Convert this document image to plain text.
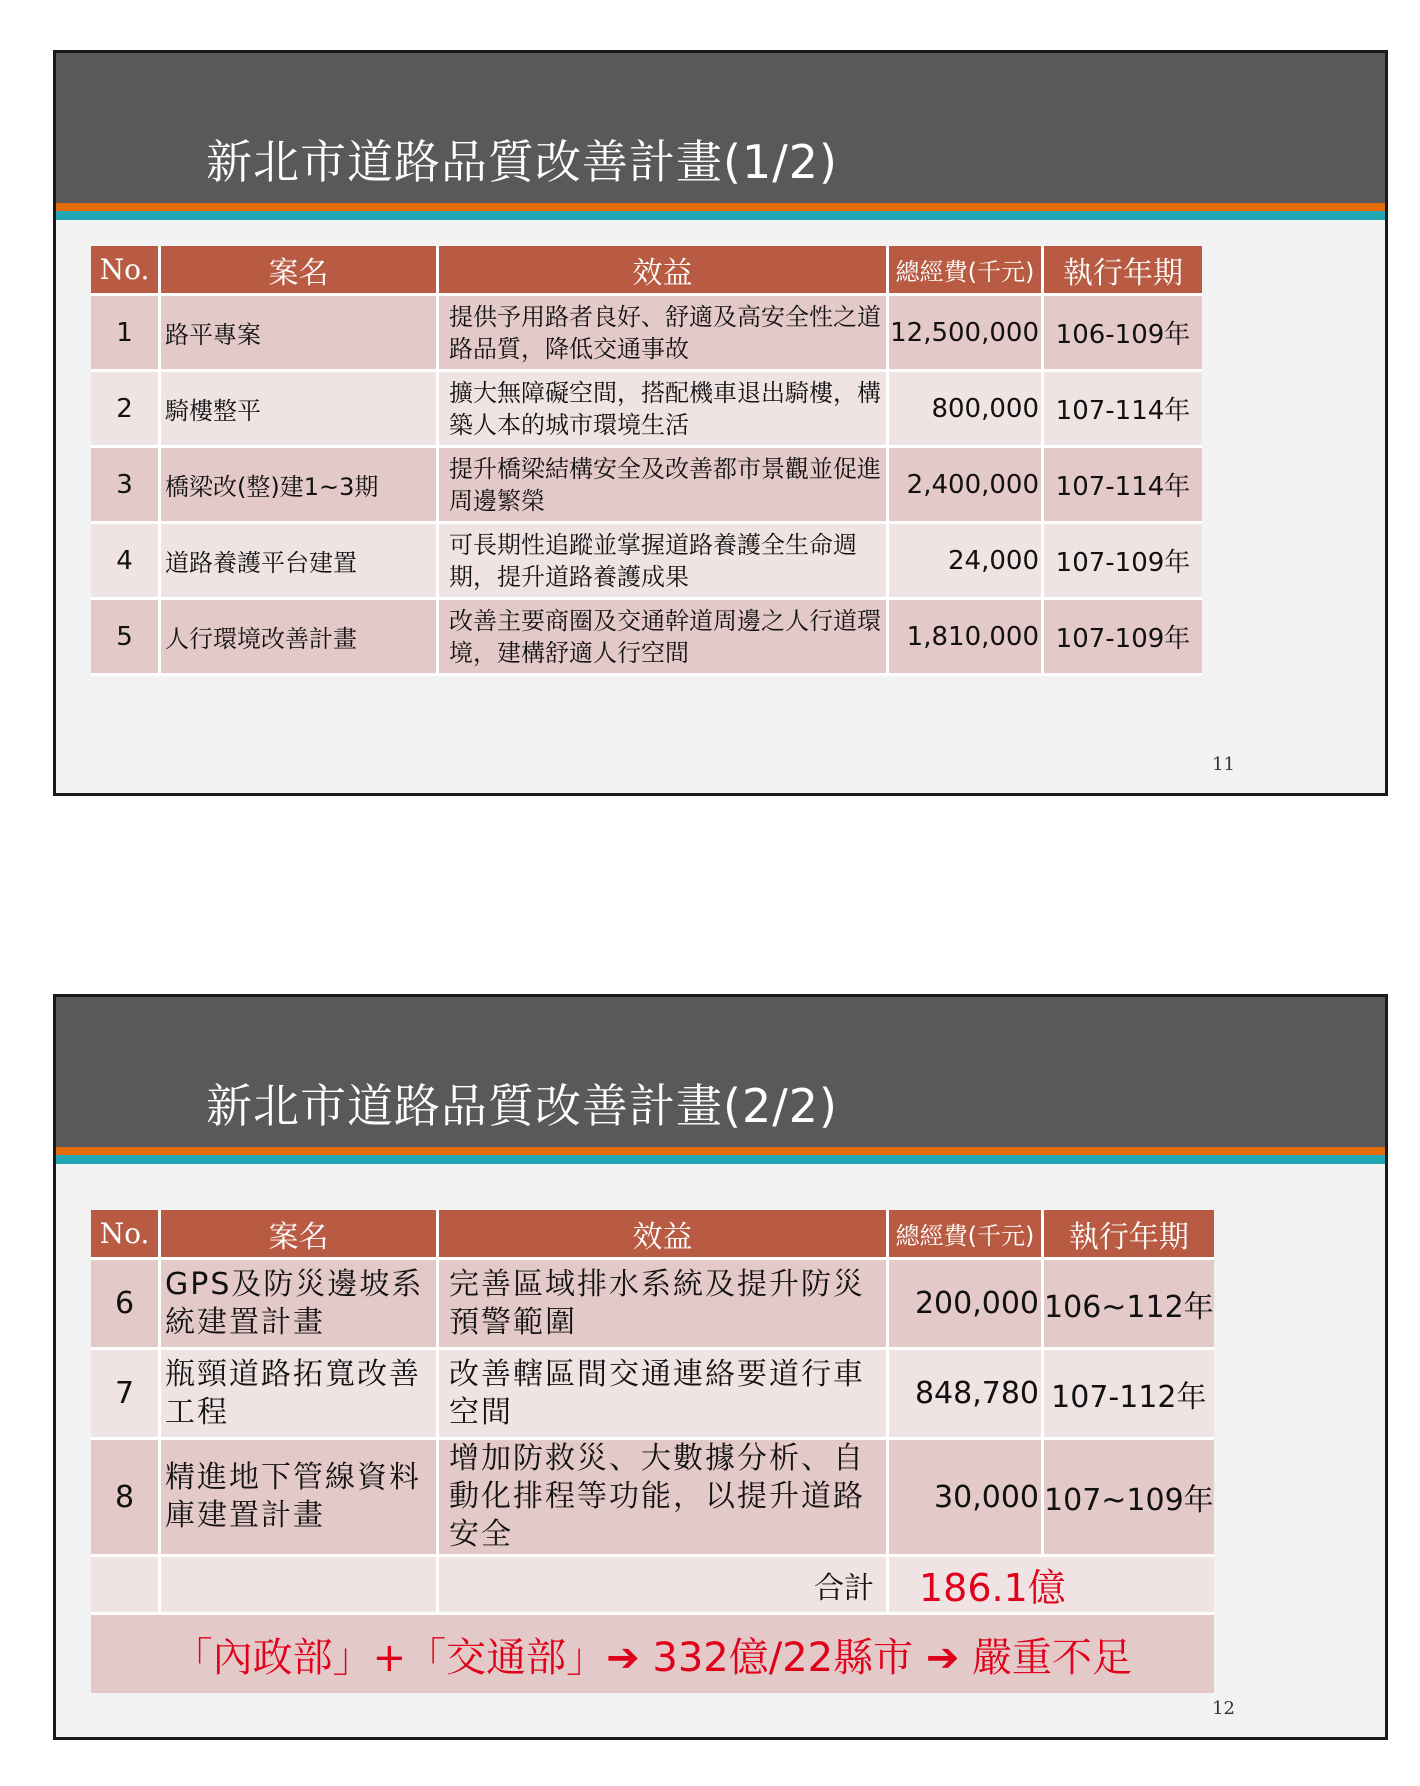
新北市道路品質改善計畫(1/2)
No.	案名	效益	總經費(千元)	執行年期
1	路平專案	提供予用路者良好、舒適及高安全性之道路品質，降低交通事故	12,500,000	106-109年
2	騎樓整平	擴大無障礙空間，搭配機車退出騎樓，構築人本的城市環境生活	800,000	107-114年
3	橋梁改(整)建1~3期	提升橋梁結構安全及改善都市景觀並促進周邊繁榮	2,400,000	107-114年
4	道路養護平台建置	可長期性追蹤並掌握道路養護全生命週期，提升道路養護成果	24,000	107-109年
5	人行環境改善計畫	改善主要商圈及交通幹道周邊之人行道環境，建構舒適人行空間	1,810,000	107-109年
11
新北市道路品質改善計畫(2/2)
No.	案名	效益	總經費(千元)	執行年期
6	GPS及防災邊坡系統建置計畫	完善區域排水系統及提升防災預警範圍	200,000	106~112年
7	瓶頸道路拓寬改善工程	改善轄區間交通連絡要道行車空間	848,780	107-112年
8	精進地下管線資料庫建置計畫	增加防救災、大數據分析、自動化排程等功能，以提升道路安全	30,000	107~109年
		合計	186.1億	
「內政部」+「交通部」➔ 332億/22縣市 ➔ 嚴重不足				
12
